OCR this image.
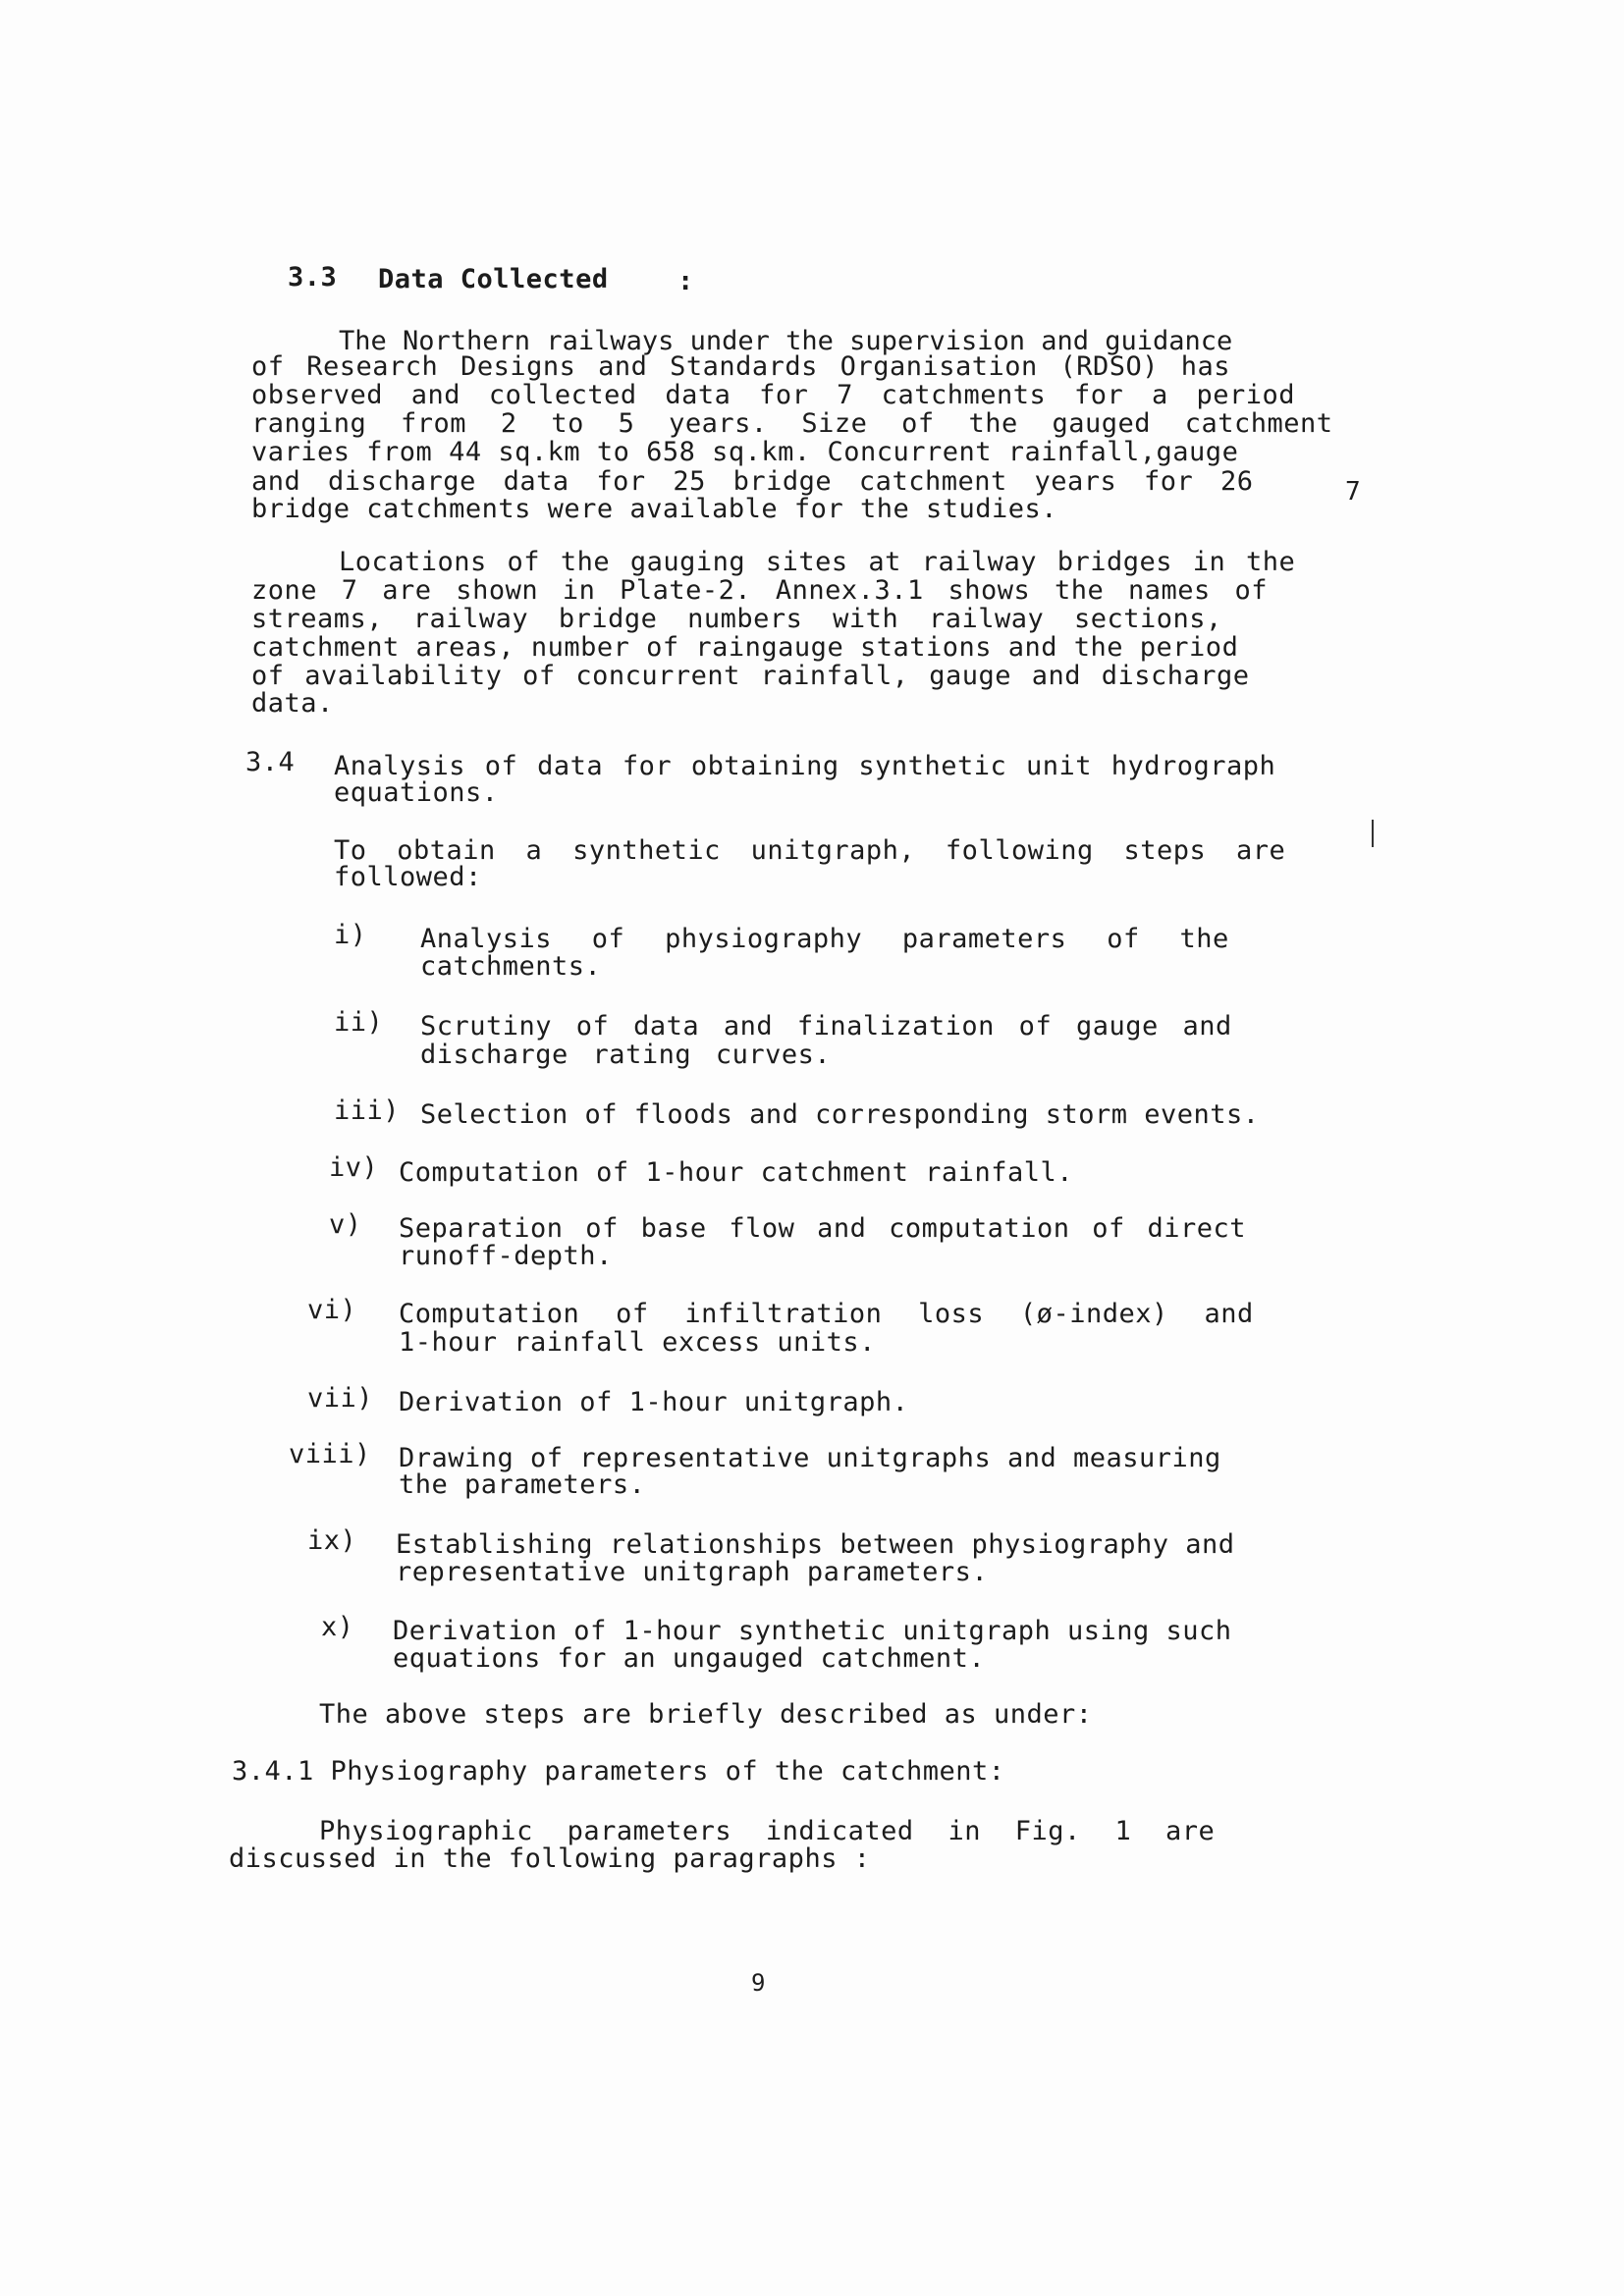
3.3 Data Collected	:
The Northern railways under the supervision and guidance
of Research Designs and Standards Organisation (RDSO) has
observed and collected data for 7 catchments for a period
ranging from 2 to 5 years. Size of the gauged catchment
varies from 44 sq.km to 658 sq.km. Concurrent rainfall,gauge
and discharge data for 25 bridge catchment years for 26
bridge catchments were available for the studies.
7
Locations of the gauging sites at railway bridges in the
zone 7 are shown in Plate-2. Annex.3.1 shows the names of
streams, railway bridge numbers with railway sections,
catchment areas, number of raingauge stations and the period
of availability of concurrent rainfall, gauge and discharge
data.
3.4 Analysis of data for obtaining synthetic unit hydrograph
equations.
To obtain a synthetic unitgraph, following steps are
followed:
i) Analysis of physiography parameters of the
catchments.
ii) Scrutiny of data and finalization of gauge and
discharge rating curves.
iii) Selection of floods and corresponding storm events.
iv) Computation of 1-hour catchment rainfall.
v) Separation of base flow and computation of direct
runoff-depth.
vi) Computation of infiltration loss (ø-index) and
1-hour rainfall excess units.
vii) Derivation of 1-hour unitgraph.
viii) Drawing of representative unitgraphs and measuring
the parameters.
ix) Establishing relationships between physiography and
representative unitgraph parameters.
x) Derivation of 1-hour synthetic unitgraph using such
equations for an ungauged catchment.
The above steps are briefly described as under:
3.4.1 Physiography parameters of the catchment:
Physiographic parameters indicated in Fig. 1 are
discussed in the following paragraphs :
9
